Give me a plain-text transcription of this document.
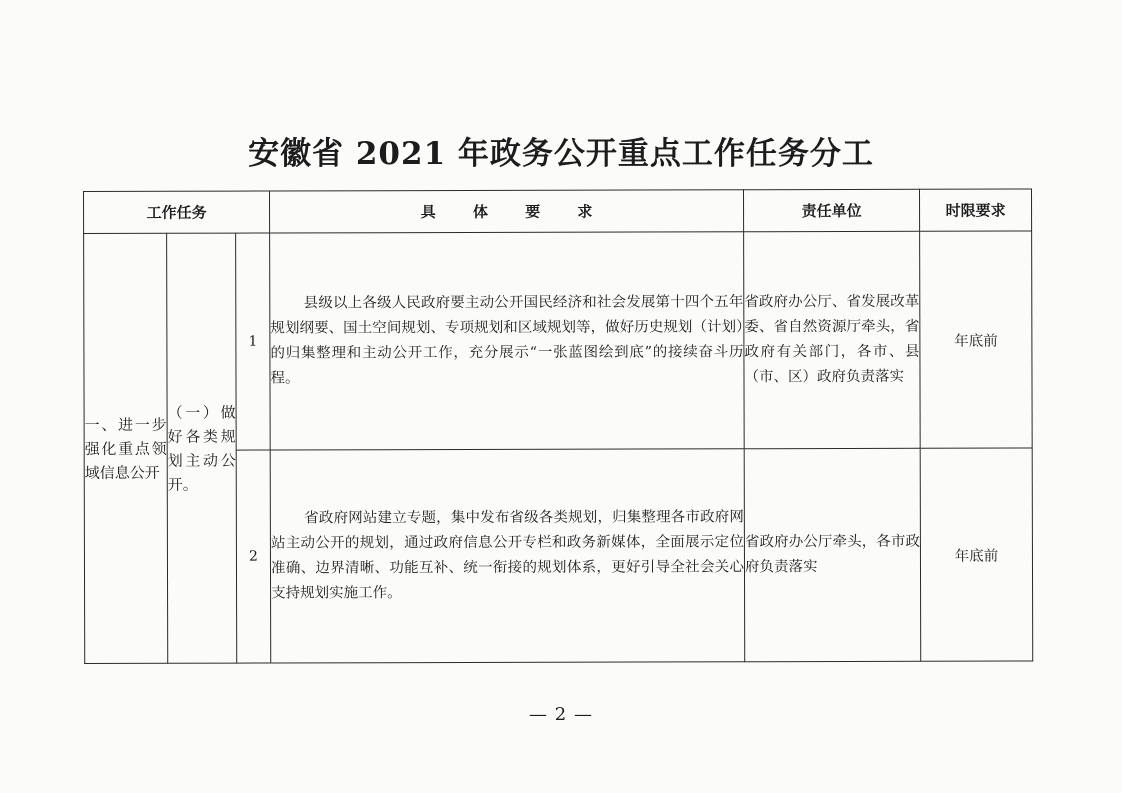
安徽省 2021 年政务公开重点工作任务分工
工作任务			具 体 要 求	责任单位	时限要求
一、进一步强化重点领域信息公开	（一）做好各类规划主动公开。	1	县级以上各级人民政府要主动公开国民经济和社会发展第十四个五年规划纲要、国土空间规划、专项规划和区域规划等，做好历史规划（计划）的归集整理和主动公开工作，充分展示“一张蓝图绘到底”的接续奋斗历程。	省政府办公厅、省发展改革委、省自然资源厅牵头，省政府有关部门，各市、县（市、区）政府负责落实	年底前
		2	省政府网站建立专题，集中发布省级各类规划，归集整理各市政府网站主动公开的规划，通过政府信息公开专栏和政务新媒体，全面展示定位准确、边界清晰、功能互补、统一衔接的规划体系，更好引导全社会关心支持规划实施工作。	省政府办公厅牵头，各市政府负责落实	年底前
— 2 —
